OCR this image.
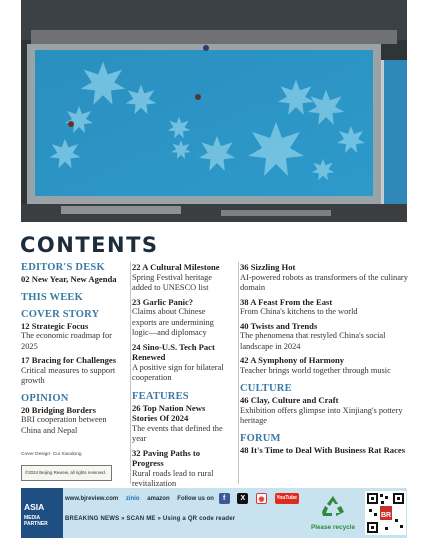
CONTENTS
EDITOR'S DESK
02 New Year, New Agenda
THIS WEEK
COVER STORY
12 Strategic Focus
The economic roadmap for 2025
17 Bracing for Challenges
Critical measures to support growth
OPINION
20 Bridging Borders
BRI cooperation between China and Nepal
22 A Cultural Milestone
Spring Festival heritage added to UNESCO list
23 Garlic Panic?
Claims about Chinese exports are undermining logic—and diplomacy
24 Sino-U.S. Tech Pact Renewed
A positive sign for bilateral cooperation
FEATURES
26 Top Nation News Stories Of 2024
The events that defined the year
32 Paving Paths to Progress
Rural roads lead to rural revitalization
36 Sizzling Hot
AI-powered robots as transformers of the culinary domain
38 A Feast From the East
From China's kitchens to the world
40 Twists and Trends
The phenomena that restyled China's social landscape in 2024
42 A Symphony of Harmony
Teacher brings world together through music
CULTURE
46 Clay, Culture and Craft
Exhibition offers glimpse into Xinjiang's pottery heritage
FORUM
48 It's Time to Deal With Business Rat Races
Cover Design: Cui Xiaodong
©2024 Beijing Review, all rights reserved.
ASIA
MEDIA PARTNER
www.bjreview.com zinio amazon Follow us on f X ◉ YouTube
BREAKING NEWS » SCAN ME » Using a QR code reader
Please recycle
BR
